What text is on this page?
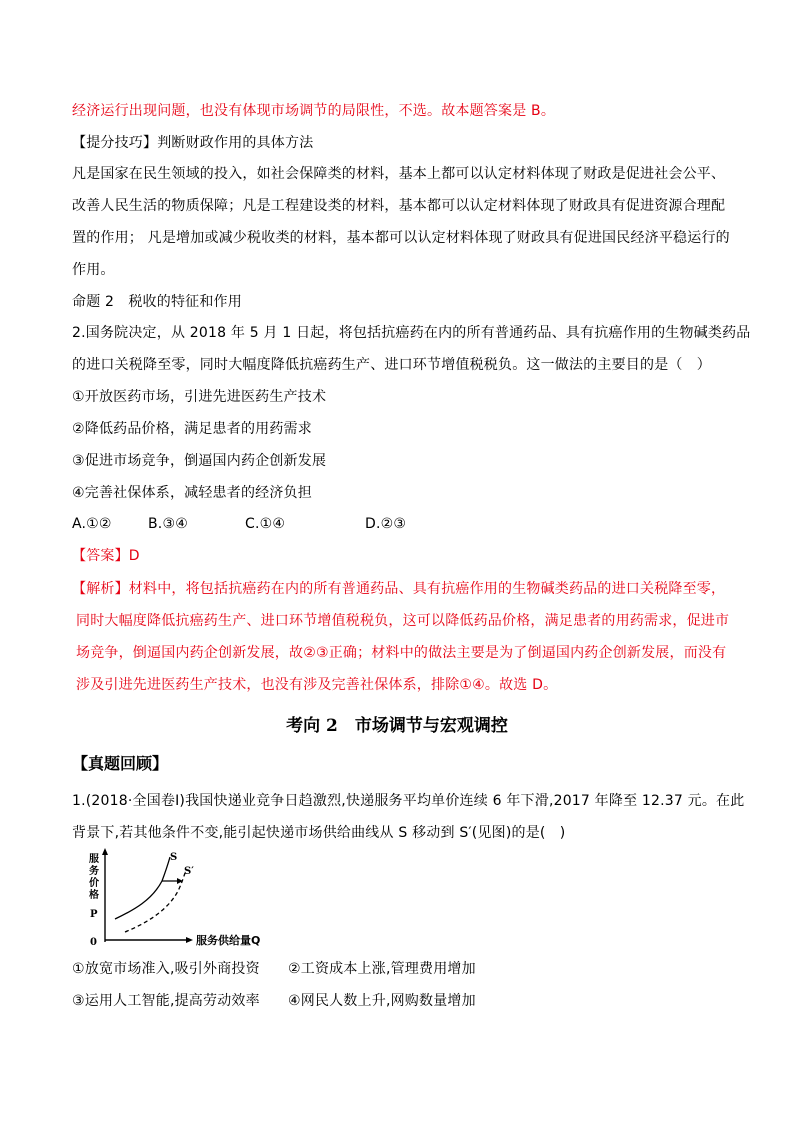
经济运行出现问题，也没有体现市场调节的局限性，不选。故本题答案是 B。
【提分技巧】判断财政作用的具体方法
凡是国家在民生领域的投入，如社会保障类的材料，基本上都可以认定材料体现了财政是促进社会公平、
改善人民生活的物质保障；凡是工程建设类的材料，基本都可以认定材料体现了财政具有促进资源合理配
置的作用； 凡是增加或减少税收类的材料，基本都可以认定材料体现了财政具有促进国民经济平稳运行的
作用。
命题 2　税收的特征和作用
2.国务院决定，从 2018 年 5 月 1 日起，将包括抗癌药在内的所有普通药品、具有抗癌作用的生物碱类药品
的进口关税降至零，同时大幅度降低抗癌药生产、进口环节增值税税负。这一做法的主要目的是（　）
①开放医药市场，引进先进医药生产技术
②降低药品价格，满足患者的用药需求
③促进市场竞争，倒逼国内药企创新发展
④完善社保体系，减轻患者的经济负担
A.①②	B.③④	C.①④	D.②③
【答案】D
【解析】材料中，将包括抗癌药在内的所有普通药品、具有抗癌作用的生物碱类药品的进口关税降至零，
同时大幅度降低抗癌药生产、进口环节增值税税负，这可以降低药品价格，满足患者的用药需求，促进市
场竞争，倒逼国内药企创新发展，故②③正确；材料中的做法主要是为了倒逼国内药企创新发展，而没有
涉及引进先进医药生产技术，也没有涉及完善社保体系，排除①④。故选 D。
考向 2　市场调节与宏观调控
【真题回顾】
1.(2018·全国卷Ⅰ)我国快递业竞争日趋激烈,快递服务平均单价连续 6 年下滑,2017 年降至 12.37 元。在此
背景下,若其他条件不变,能引起快递市场供给曲线从 S 移动到 S′(见图)的是(　)
服
务
价
格
P
0	服务供给量Q
S
S′
①放宽市场准入,吸引外商投资 ②工资成本上涨,管理费用增加
③运用人工智能,提高劳动效率 ④网民人数上升,网购数量增加
